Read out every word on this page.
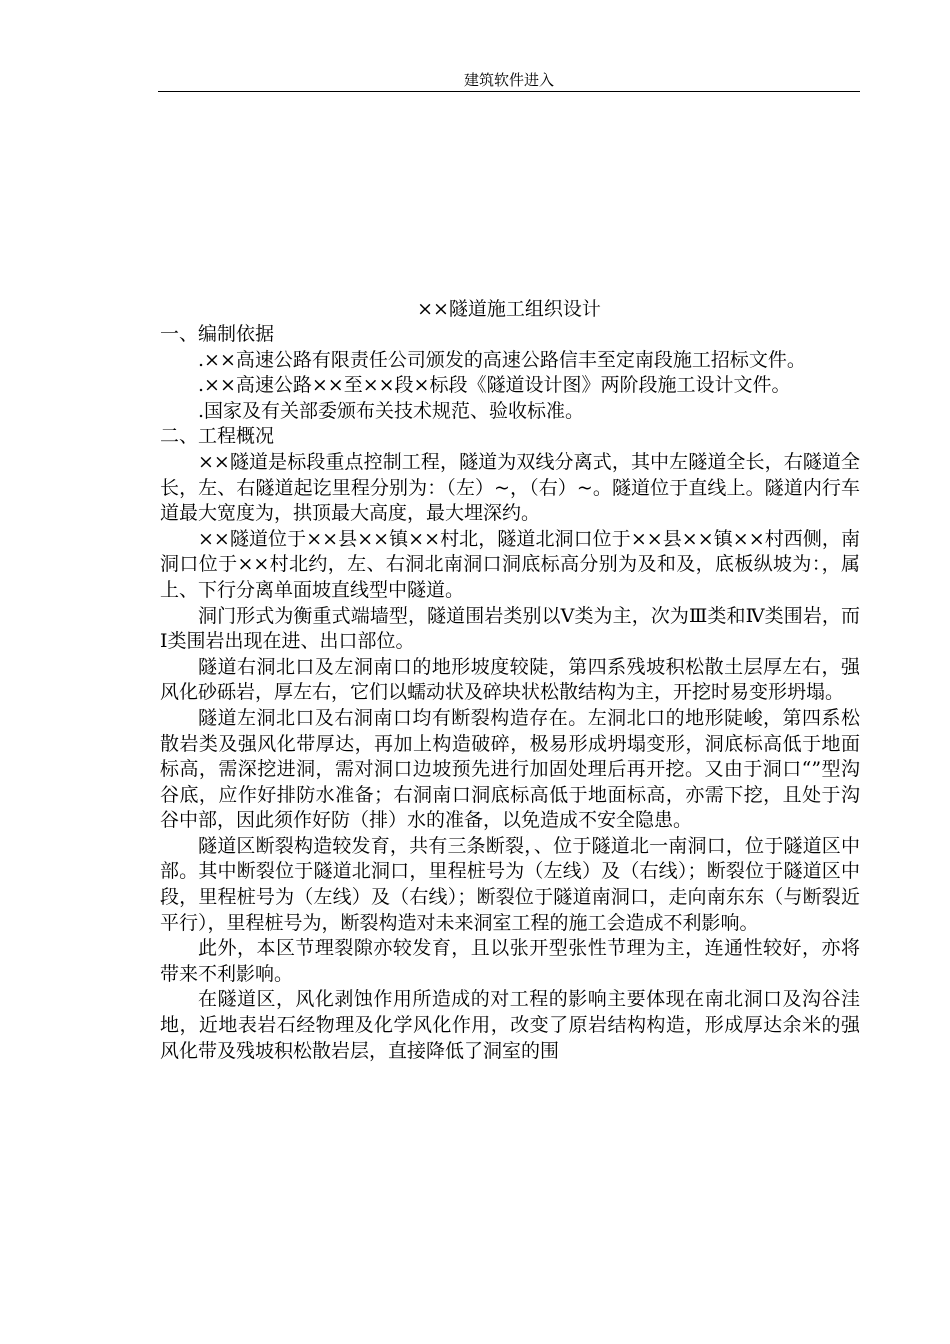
建筑软件进入
××隧道施工组织设计

一、编制依据

.××高速公路有限责任公司颁发的高速公路信丰至定南段施工招标文件。

.××高速公路××至××段×标段《隧道设计图》两阶段施工设计文件。

.国家及有关部委颁布关技术规范、验收标准。

二、工程概况

××隧道是标段重点控制工程，隧道为双线分离式，其中左隧道全长，右隧道全长，左、右隧道起讫里程分别为：（左）~，（右）~。隧道位于直线上。隧道内行车道最大宽度为，拱顶最大高度，最大埋深约。

××隧道位于××县××镇××村北，隧道北洞口位于××县××镇××村西侧，南洞口位于××村北约，左、右洞北南洞口洞底标高分别为及和及，底板纵坡为：，属上、下行分离单面坡直线型中隧道。

洞门形式为衡重式端墙型，隧道围岩类别以Ⅴ类为主，次为Ⅲ类和Ⅳ类围岩，而Ⅰ类围岩出现在进、出口部位。

隧道右洞北口及左洞南口的地形坡度较陡，第四系残坡积松散土层厚左右，强风化砂砾岩，厚左右，它们以蠕动状及碎块状松散结构为主，开挖时易变形坍塌。

隧道左洞北口及右洞南口均有断裂构造存在。左洞北口的地形陡峻，第四系松散岩类及强风化带厚达，再加上构造破碎，极易形成坍塌变形，洞底标高低于地面标高，需深挖进洞，需对洞口边坡预先进行加固处理后再开挖。又由于洞口“”型沟谷底，应作好排防水准备；右洞南口洞底标高低于地面标高，亦需下挖，且处于沟谷中部，因此须作好防（排）水的准备，以免造成不安全隐患。

隧道区断裂构造较发育，共有三条断裂，、位于隧道北一南洞口，位于隧道区中部。其中断裂位于隧道北洞口，里程桩号为（左线）及（右线）；断裂位于隧道区中段，里程桩号为（左线）及（右线）；断裂位于隧道南洞口，走向南东东（与断裂近平行），里程桩号为，断裂构造对未来洞室工程的施工会造成不利影响。

此外，本区节理裂隙亦较发育，且以张开型张性节理为主，连通性较好，亦将带来不利影响。

在隧道区，风化剥蚀作用所造成的对工程的影响主要体现在南北洞口及沟谷洼地，近地表岩石经物理及化学风化作用，改变了原岩结构构造，形成厚达余米的强风化带及残坡积松散岩层，直接降低了洞室的围
